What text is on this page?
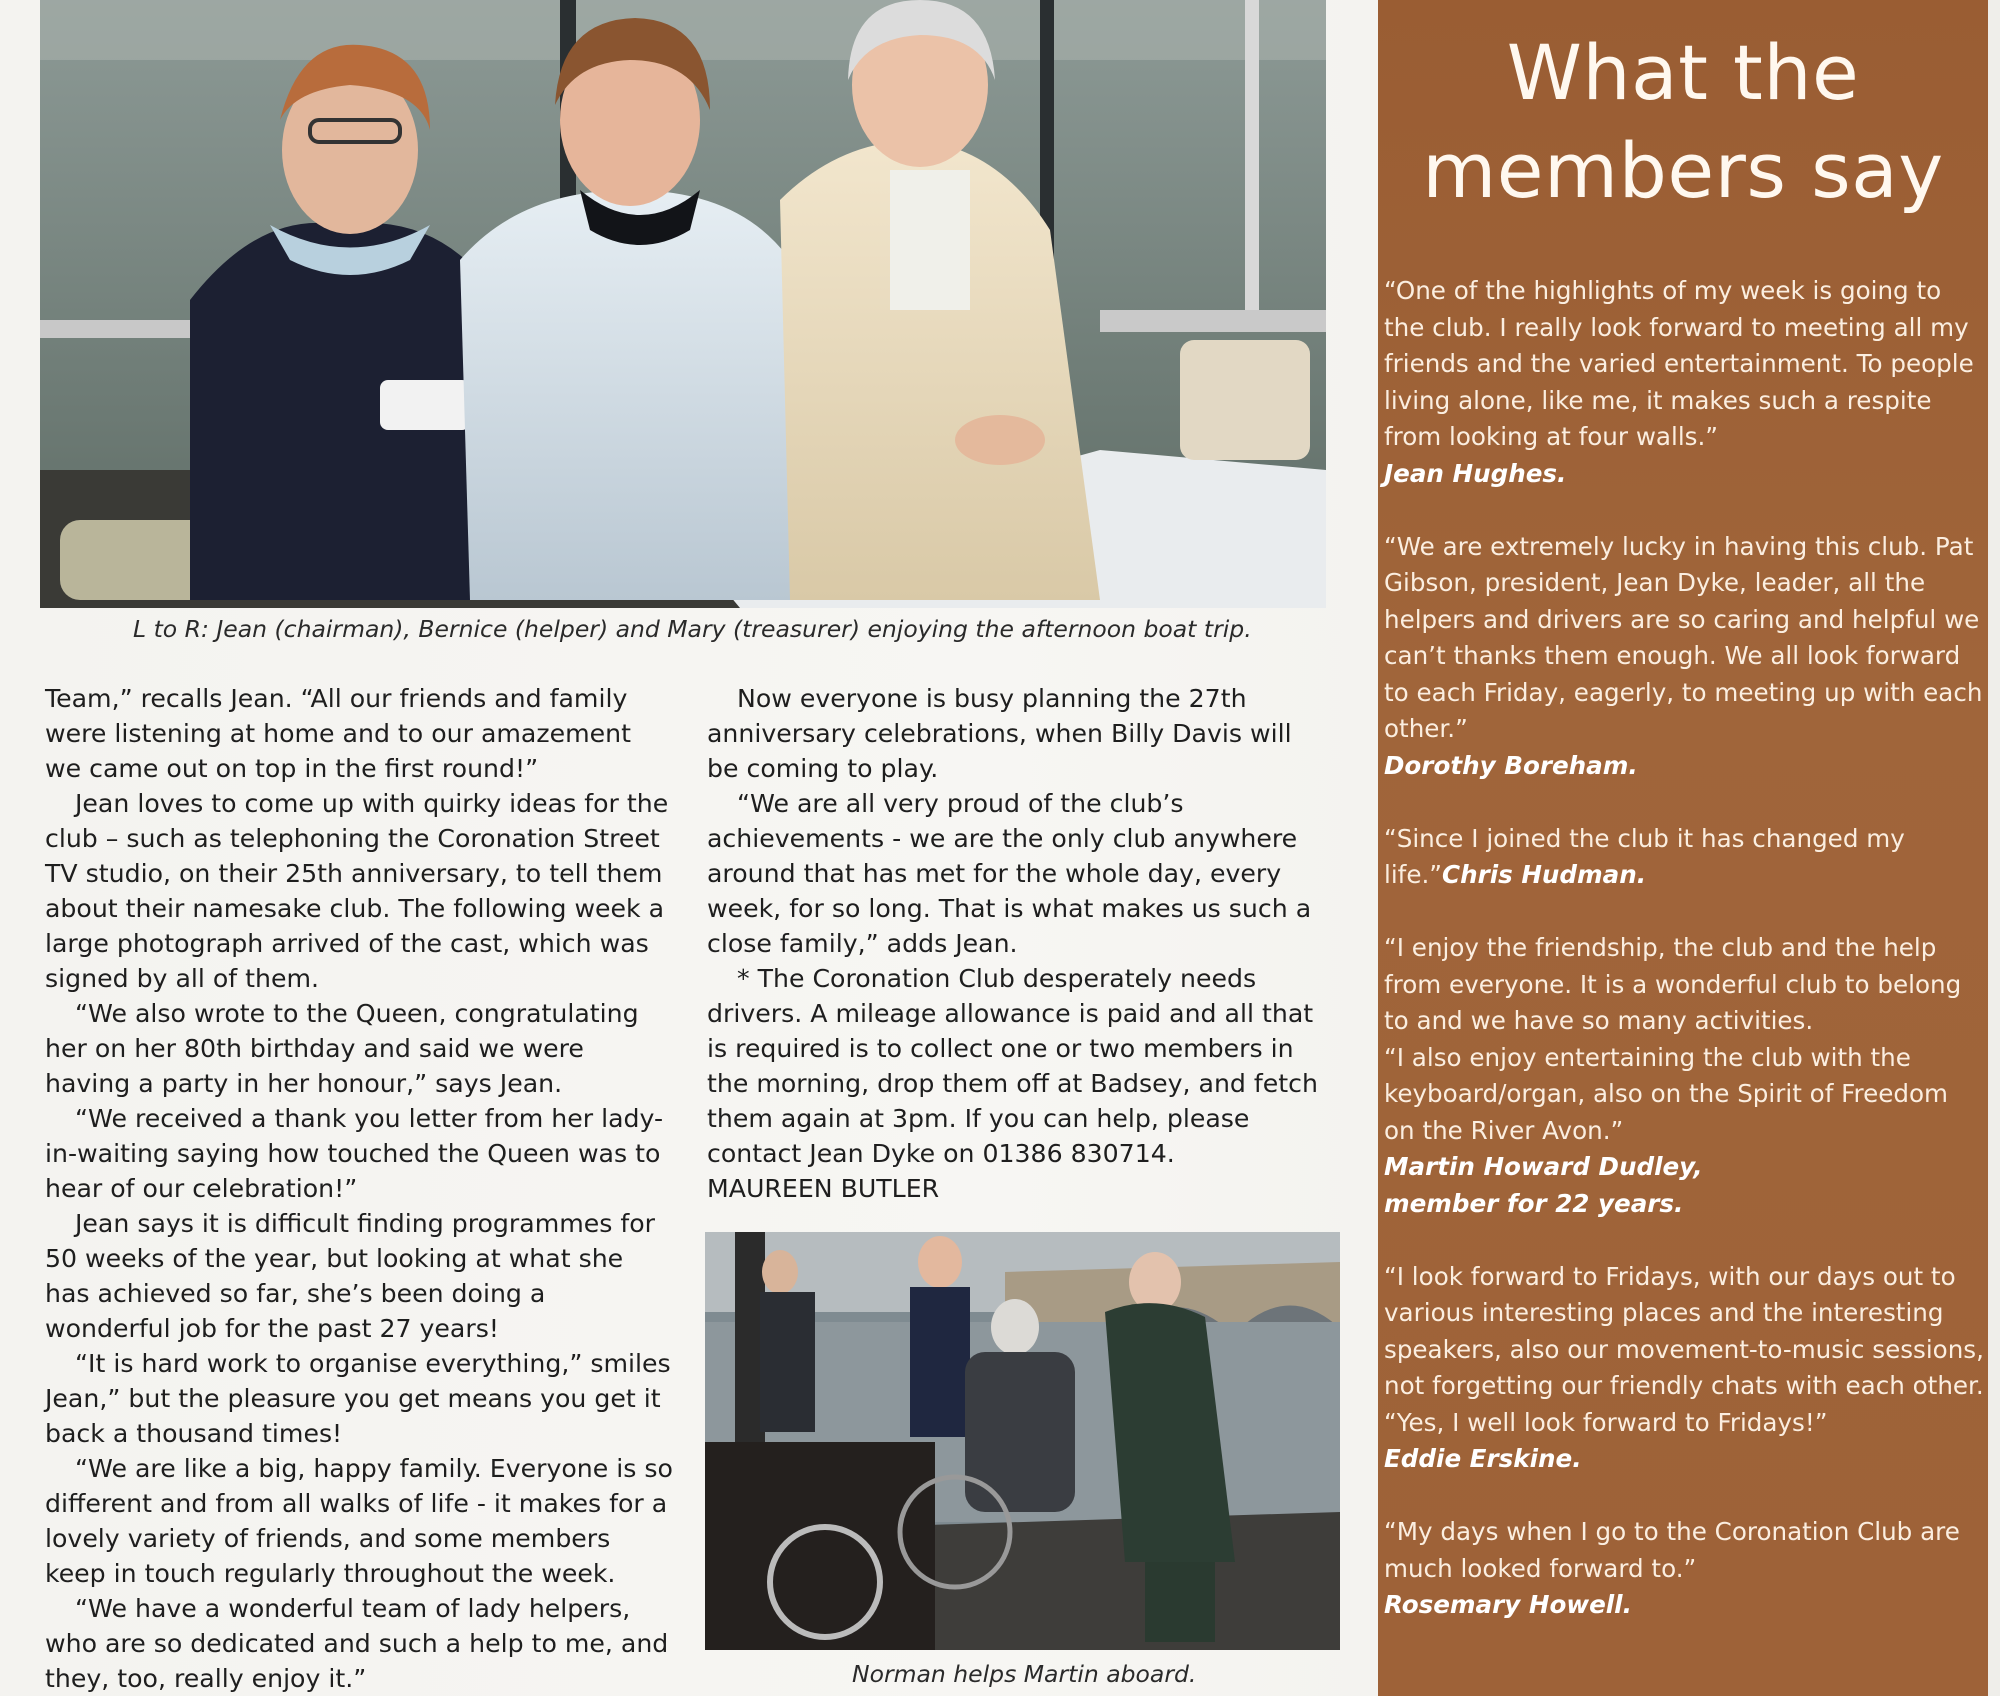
L to R: Jean (chairman), Bernice (helper) and Mary (treasurer) enjoying the afternoon boat trip.

Team,” recalls Jean. “All our friends and family were listening at home and to our amazement we came out on top in the first round!”

Jean loves to come up with quirky ideas for the club – such as telephoning the Coronation Street TV studio, on their 25th anniversary, to tell them about their namesake club. The following week a large photograph arrived of the cast, which was signed by all of them.

“We also wrote to the Queen, congratulating her on her 80th birthday and said we were having a party in her honour,” says Jean.

“We received a thank you letter from her lady-in-waiting saying how touched the Queen was to hear of our celebration!”

Jean says it is difficult finding programmes for 50 weeks of the year, but looking at what she has achieved so far, she’s been doing a wonderful job for the past 27 years!

“It is hard work to organise everything,” smiles Jean,” but the pleasure you get means you get it back a thousand times!

“We are like a big, happy family. Everyone is so different and from all walks of life - it makes for a lovely variety of friends, and some members keep in touch regularly throughout the week.

“We have a wonderful team of lady helpers, who are so dedicated and such a help to me, and they, too, really enjoy it.”

Now everyone is busy planning the 27th anniversary celebrations, when Billy Davis will be coming to play.

“We are all very proud of the club’s achievements - we are the only club anywhere around that has met for the whole day, every week, for so long. That is what makes us such a close family,” adds Jean.

* The Coronation Club desperately needs drivers. A mileage allowance is paid and all that is required is to collect one or two members in the morning, drop them off at Badsey, and fetch them again at 3pm. If you can help, please contact Jean Dyke on 01386 830714.

MAUREEN BUTLER

Norman helps Martin aboard.
What the
members say
“One of the highlights of my week is going to the club. I really look forward to meeting all my friends and the varied entertainment. To people living alone, like me, it makes such a respite from looking at four walls.”
Jean Hughes.
“We are extremely lucky in having this club. Pat Gibson, president, Jean Dyke, leader, all the helpers and drivers are so caring and helpful we can’t thanks them enough. We all look forward to each Friday, eagerly, to meeting up with each other.”
Dorothy Boreham.
“Since I joined the club it has changed my life.”Chris Hudman.
“I enjoy the friendship, the club and the help from everyone. It is a wonderful club to belong to and we have so many activities.
“I also enjoy entertaining the club with the keyboard/organ, also on the Spirit of Freedom on the River Avon.”
Martin Howard Dudley,
member for 22 years.
“I look forward to Fridays, with our days out to various interesting places and the interesting speakers, also our movement-to-music sessions, not forgetting our friendly chats with each other.
“Yes, I well look forward to Fridays!”
Eddie Erskine.
“My days when I go to the Coronation Club are much looked forward to.”
Rosemary Howell.
